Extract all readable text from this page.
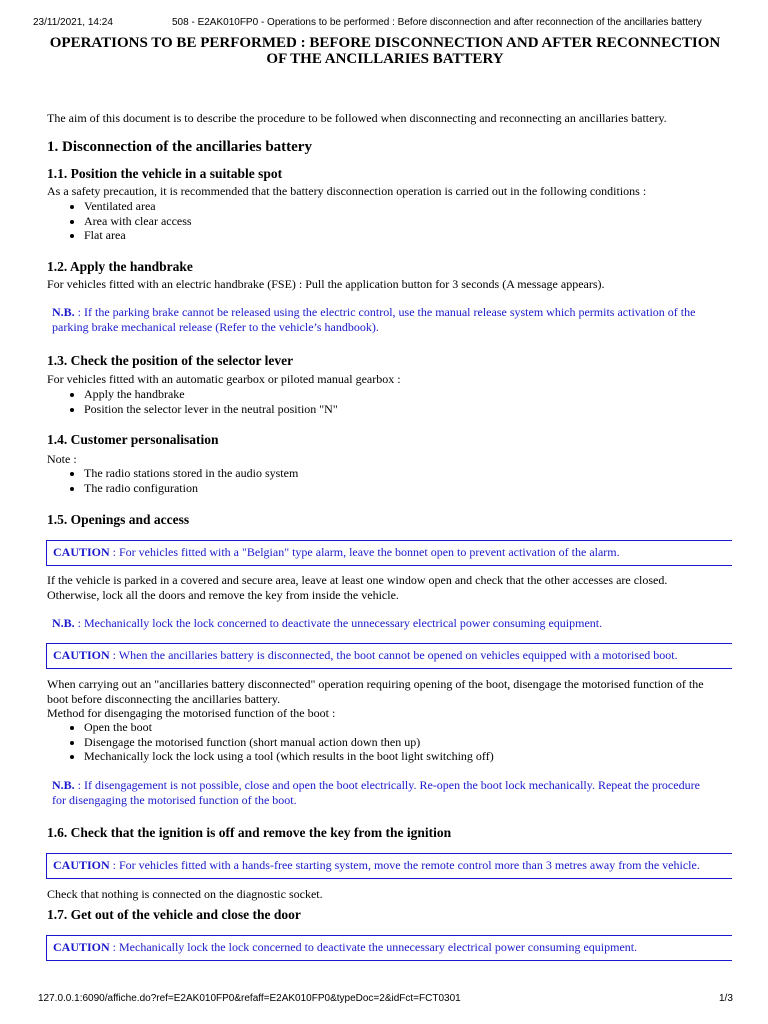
23/11/2021, 14:24	508 - E2AK010FP0 - Operations to be performed : Before disconnection and after reconnection of the ancillaries battery
OPERATIONS TO BE PERFORMED : BEFORE DISCONNECTION AND AFTER RECONNECTION
OF THE ANCILLARIES BATTERY

The aim of this document is to describe the procedure to be followed when disconnecting and reconnecting an ancillaries battery.

1. Disconnection of the ancillaries battery
1.1. Position the vehicle in a suitable spot

As a safety precaution, it is recommended that the battery disconnection operation is carried out in the following conditions :

• Ventilated area
• Area with clear access
• Flat area
1.2. Apply the handbrake

For vehicles fitted with an electric handbrake (FSE) : Pull the application button for 3 seconds (A message appears).

N.B. : If the parking brake cannot be released using the electric control, use the manual release system which permits activation of the
parking brake mechanical release (Refer to the vehicle’s handbook).
1.3. Check the position of the selector lever

For vehicles fitted with an automatic gearbox or piloted manual gearbox :

• Apply the handbrake
• Position the selector lever in the neutral position "N"
1.4. Customer personalisation

Note :

• The radio stations stored in the audio system
• The radio configuration
1.5. Openings and access
CAUTION : For vehicles fitted with a "Belgian" type alarm, leave the bonnet open to prevent activation of the alarm.

If the vehicle is parked in a covered and secure area, leave at least one window open and check that the other accesses are closed.
Otherwise, lock all the doors and remove the key from inside the vehicle.

N.B. : Mechanically lock the lock concerned to deactivate the unnecessary electrical power consuming equipment.
CAUTION : When the ancillaries battery is disconnected, the boot cannot be opened on vehicles equipped with a motorised boot.

When carrying out an "ancillaries battery disconnected" operation requiring opening of the boot, disengage the motorised function of the
boot before disconnecting the ancillaries battery.

Method for disengaging the motorised function of the boot :

• Open the boot
• Disengage the motorised function (short manual action down then up)
• Mechanically lock the lock using a tool (which results in the boot light switching off)
N.B. : If disengagement is not possible, close and open the boot electrically. Re-open the boot lock mechanically. Repeat the procedure
for disengaging the motorised function of the boot.
1.6. Check that the ignition is off and remove the key from the ignition
CAUTION : For vehicles fitted with a hands-free starting system, move the remote control more than 3 metres away from the vehicle.

Check that nothing is connected on the diagnostic socket.

1.7. Get out of the vehicle and close the door
CAUTION : Mechanically lock the lock concerned to deactivate the unnecessary electrical power consuming equipment.
127.0.0.1:6090/affiche.do?ref=E2AK010FP0&refaff=E2AK010FP0&typeDoc=2&idFct=FCT0301	1/3
